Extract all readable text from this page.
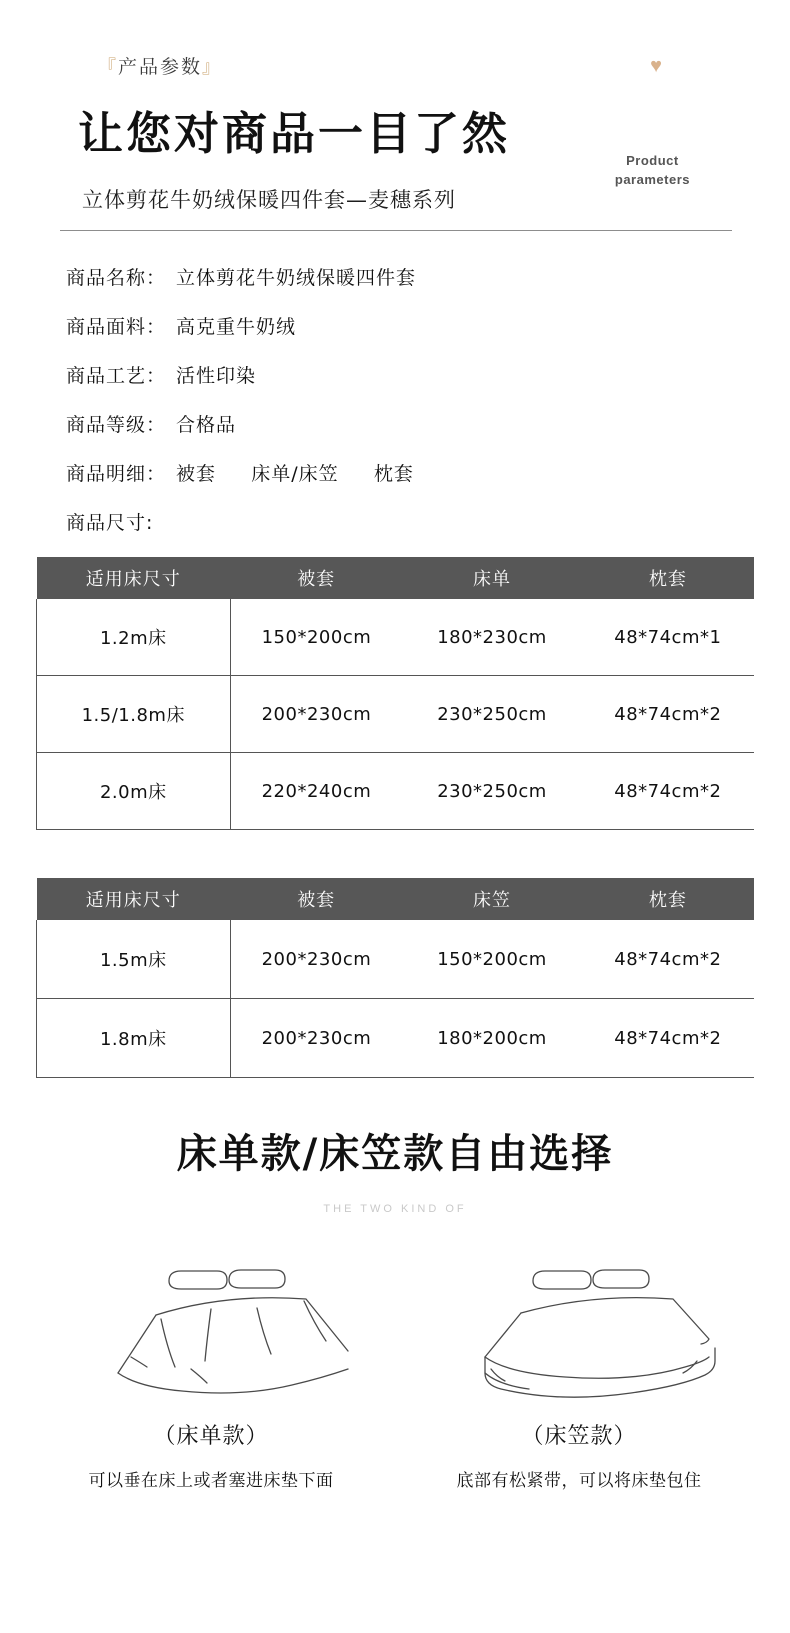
『产品参数』	♥
让您对商品一目了然
Product
parameters
立体剪花牛奶绒保暖四件套—麦穗系列
商品名称： 立体剪花牛奶绒保暖四件套
商品面料： 高克重牛奶绒
商品工艺： 活性印染
商品等级： 合格品
商品明细： 被套     床单/床笠     枕套
商品尺寸:
适用床尺寸	被套	床单	枕套
1.2m床	150*200cm	180*230cm	48*74cm*1
1.5/1.8m床	200*230cm	230*250cm	48*74cm*2
2.0m床	220*240cm	230*250cm	48*74cm*2
适用床尺寸	被套	床笠	枕套
1.5m床	200*230cm	150*200cm	48*74cm*2
1.8m床	200*230cm	180*200cm	48*74cm*2
床单款/床笠款自由选择
THE TWO KIND OF
（床单款）
可以垂在床上或者塞进床垫下面
（床笠款）
底部有松紧带，可以将床垫包住
